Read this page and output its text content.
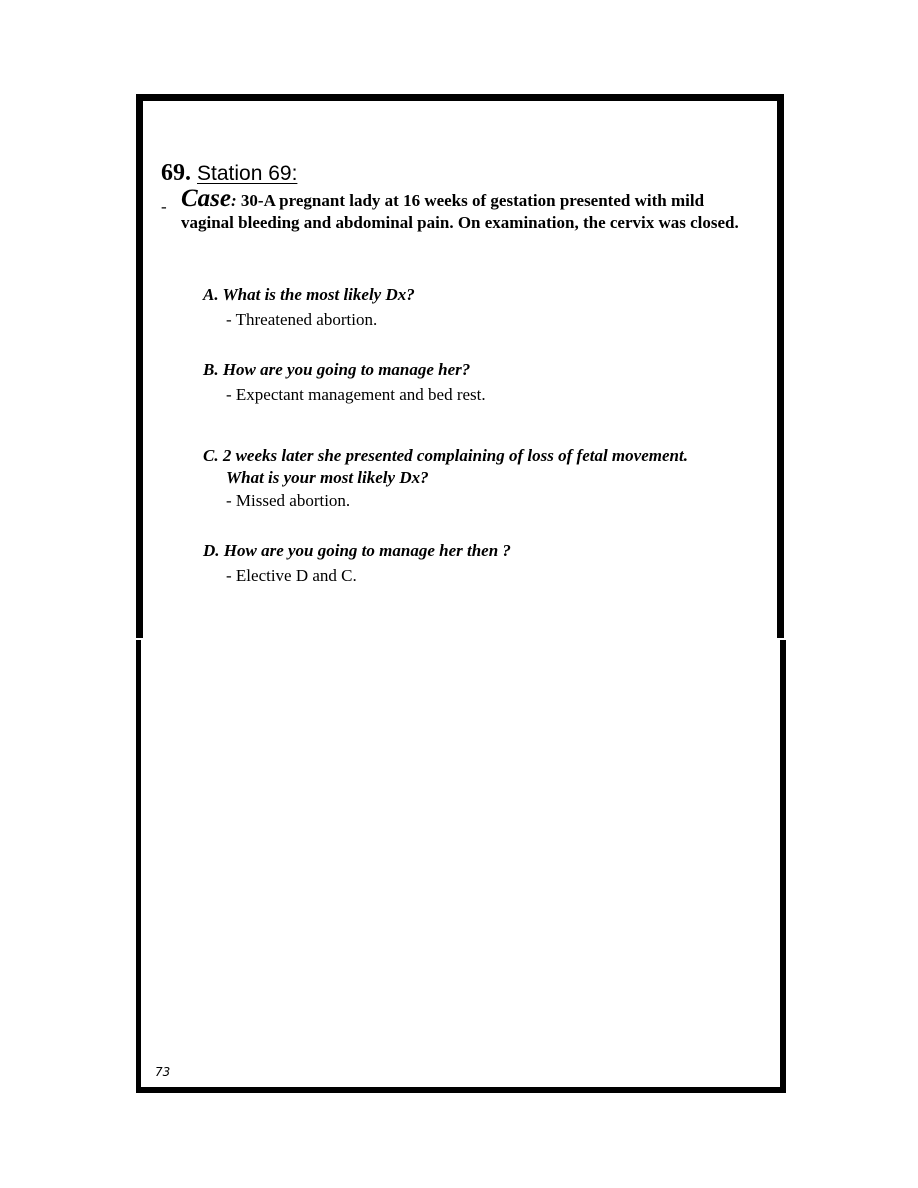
69. Station 69:
- Case: 30-A pregnant lady at 16 weeks of gestation presented with mild vaginal bleeding and abdominal pain. On examination, the cervix was closed.
A. What is the most likely Dx?
- Threatened abortion.
B. How are you going to manage her?
- Expectant management and bed rest.
C. 2 weeks later she presented complaining of loss of fetal movement.
What is your most likely Dx?
- Missed abortion.
D. How are you going to manage her then ?
- Elective D and C.
73
